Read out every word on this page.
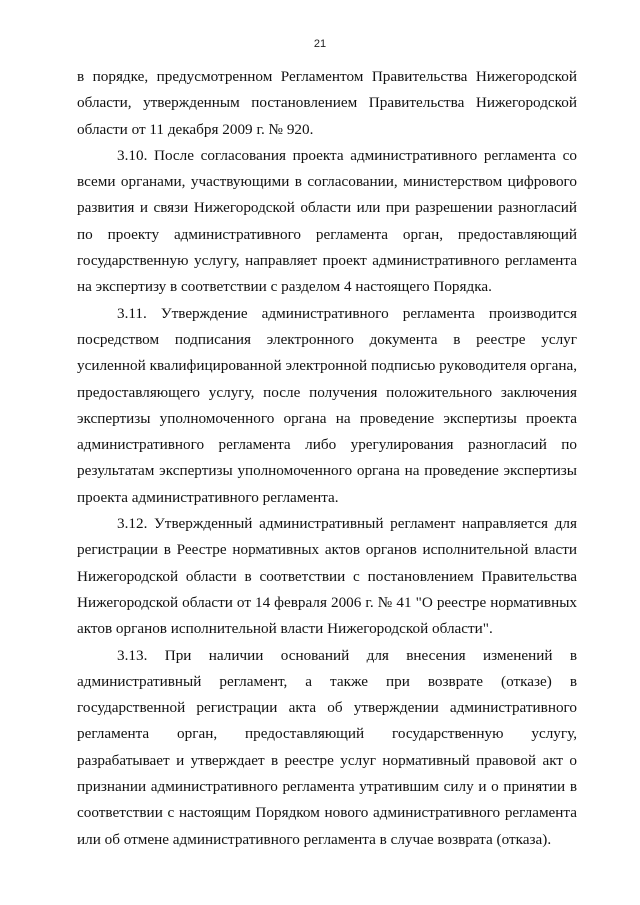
21

в порядке, предусмотренном Регламентом Правительства Нижегородской области, утвержденным постановлением Правительства Нижегородской области от 11 декабря 2009 г. № 920.

3.10. После согласования проекта административного регламента со всеми органами, участвующими в согласовании, министерством цифрового развития и связи Нижегородской области или при разрешении разногласий по проекту административного регламента орган, предоставляющий государственную услугу, направляет проект административного регламента на экспертизу в соответствии с разделом 4 настоящего Порядка.

3.11. Утверждение административного регламента производится посредством подписания электронного документа в реестре услуг усиленной квалифицированной электронной подписью руководителя органа, предоставляющего услугу, после получения положительного заключения экспертизы уполномоченного органа на проведение экспертизы проекта административного регламента либо урегулирования разногласий по результатам экспертизы уполномоченного органа на проведение экспертизы проекта административного регламента.

3.12. Утвержденный административный регламент направляется для регистрации в Реестре нормативных актов органов исполнительной власти Нижегородской области в соответствии с постановлением Правительства Нижегородской области от 14 февраля 2006 г. № 41 "О реестре нормативных актов органов исполнительной власти Нижегородской области".

3.13. При наличии оснований для внесения изменений в административный регламент, а также при возврате (отказе) в государственной регистрации акта об утверждении административного регламента орган, предоставляющий государственную услугу, разрабатывает и утверждает в реестре услуг нормативный правовой акт о признании административного регламента утратившим силу и о принятии в соответствии с настоящим Порядком нового административного регламента или об отмене административного регламента в случае возврата (отказа).
